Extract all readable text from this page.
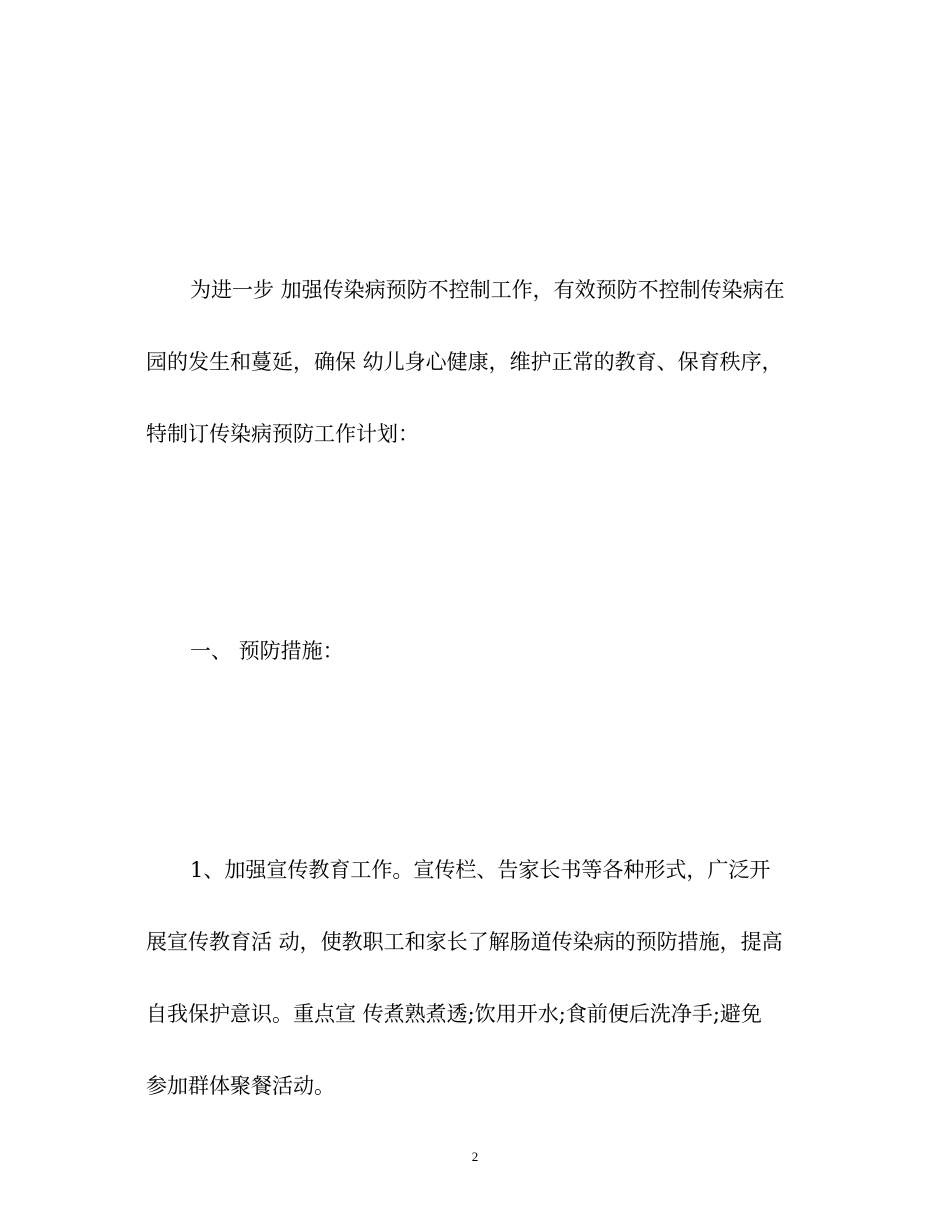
为进一步 加强传染病预防不控制工作，有效预防不控制传染病在
园的发生和蔓延，确保 幼儿身心健康，维护正常的教育、保育秩序，
特制订传染病预防工作计划：
一、 预防措施：
1、加强宣传教育工作。宣传栏、告家长书等各种形式，广泛开
展宣传教育活 动，使教职工和家长了解肠道传染病的预防措施，提高
自我保护意识。重点宣 传煮熟煮透;饮用开水;食前便后洗净手;避免
参加群体聚餐活动。
2
